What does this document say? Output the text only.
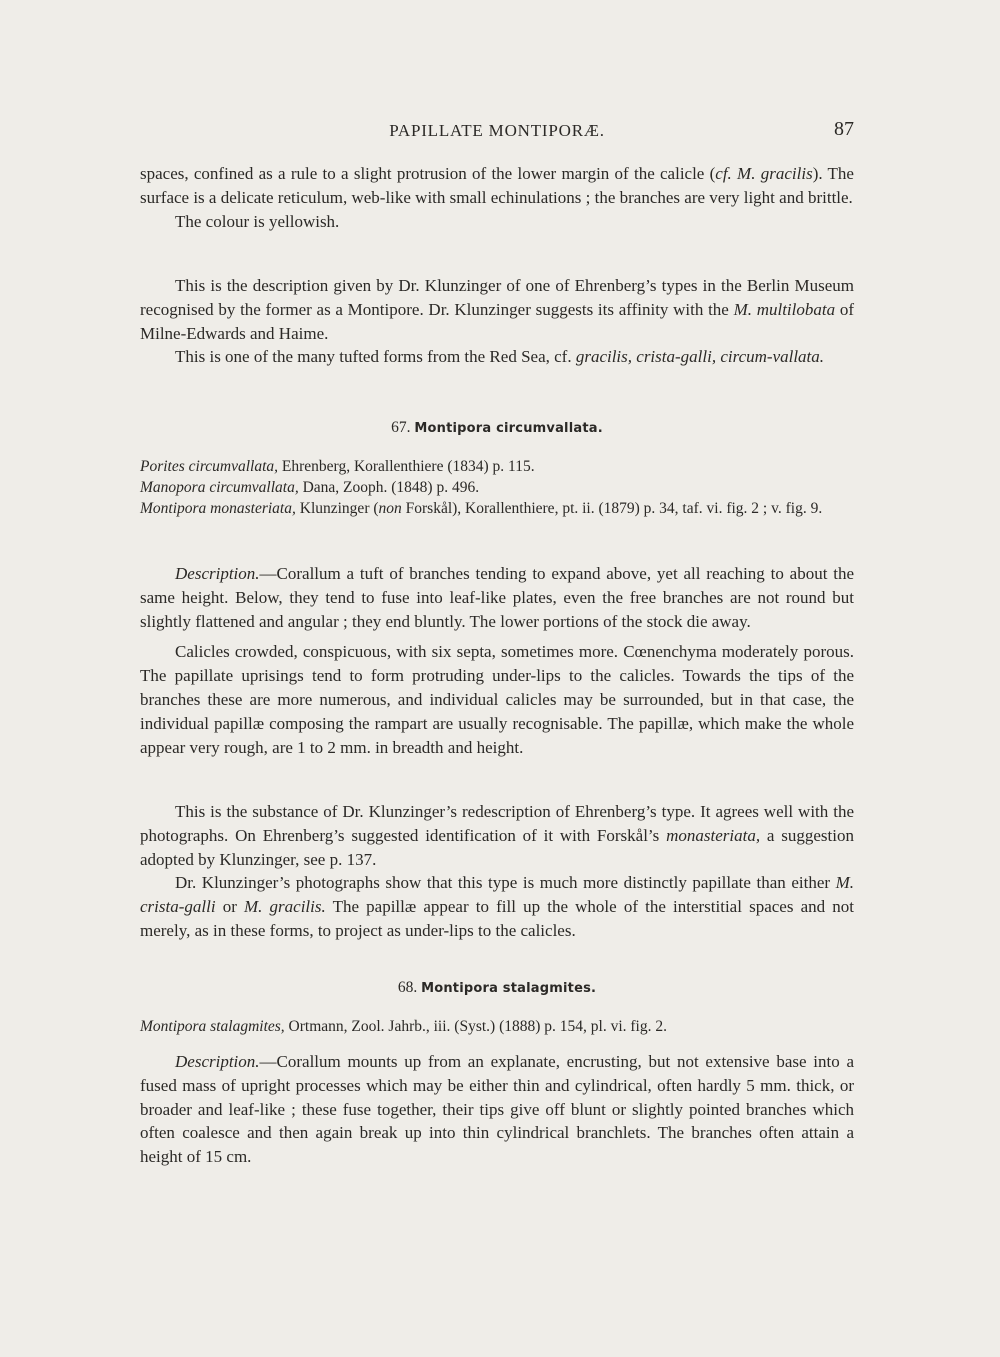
PAPILLATE MONTIPORÆ.	87

spaces, confined as a rule to a slight protrusion of the lower margin of the calicle (cf. M. gracilis). The surface is a delicate reticulum, web-like with small echinulations ; the branches are very light and brittle.

The colour is yellowish.

This is the description given by Dr. Klunzinger of one of Ehrenberg’s types in the Berlin Museum recognised by the former as a Montipore. Dr. Klunzinger suggests its affinity with the M. multilobata of Milne-Edwards and Haime.

This is one of the many tufted forms from the Red Sea, cf. gracilis, crista-galli, circum-vallata.

67. Montipora circumvallata.

Porites circumvallata, Ehrenberg, Korallenthiere (1834) p. 115.
Manopora circumvallata, Dana, Zooph. (1848) p. 496.
Montipora monasteriata, Klunzinger (non Forskål), Korallenthiere, pt. ii. (1879) p. 34, taf. vi. fig. 2 ; v. fig. 9.

Description.—Corallum a tuft of branches tending to expand above, yet all reaching to about the same height. Below, they tend to fuse into leaf-like plates, even the free branches are not round but slightly flattened and angular ; they end bluntly. The lower portions of the stock die away.

Calicles crowded, conspicuous, with six septa, sometimes more. Cœnenchyma moderately porous. The papillate uprisings tend to form protruding under-lips to the calicles. Towards the tips of the branches these are more numerous, and individual calicles may be surrounded, but in that case, the individual papillæ composing the rampart are usually recognisable. The papillæ, which make the whole appear very rough, are 1 to 2 mm. in breadth and height.

This is the substance of Dr. Klunzinger’s redescription of Ehrenberg’s type. It agrees well with the photographs. On Ehrenberg’s suggested identification of it with Forskål’s monasteriata, a suggestion adopted by Klunzinger, see p. 137.

Dr. Klunzinger’s photographs show that this type is much more distinctly papillate than either M. crista-galli or M. gracilis. The papillæ appear to fill up the whole of the interstitial spaces and not merely, as in these forms, to project as under-lips to the calicles.

68. Montipora stalagmites.

Montipora stalagmites, Ortmann, Zool. Jahrb., iii. (Syst.) (1888) p. 154, pl. vi. fig. 2.

Description.—Corallum mounts up from an explanate, encrusting, but not extensive base into a fused mass of upright processes which may be either thin and cylindrical, often hardly 5 mm. thick, or broader and leaf-like ; these fuse together, their tips give off blunt or slightly pointed branches which often coalesce and then again break up into thin cylindrical branchlets. The branches often attain a height of 15 cm.
